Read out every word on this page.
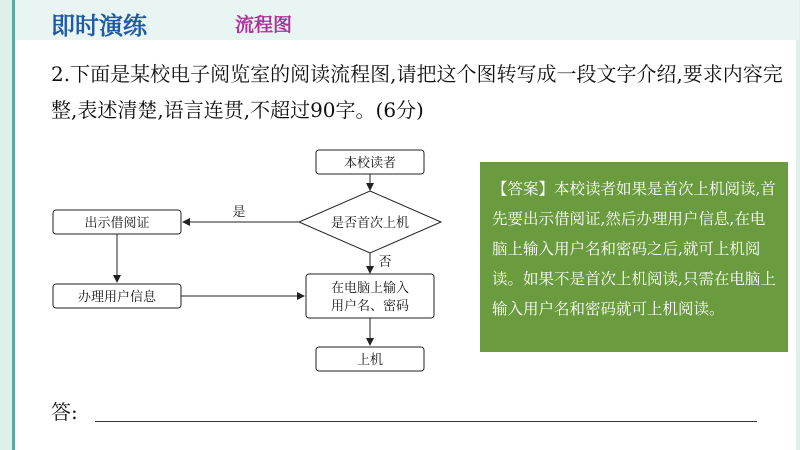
即时演练	流程图
2.下面是某校电子阅览室的阅读流程图,请把这个图转写成一段文字介绍,要求内容完整,表述清楚,语言连贯,不超过90字。(6分)
本校读者
是否首次上机
是
出示借阅证
办理用户信息
否
在电脑上输入
用户名、密码
上机
【答案】本校读者如果是首次上机阅读,首先要出示借阅证,然后办理用户信息,在电脑上输入用户名和密码之后,就可上机阅读。如果不是首次上机阅读,只需在电脑上输入用户名和密码就可上机阅读。
答:
